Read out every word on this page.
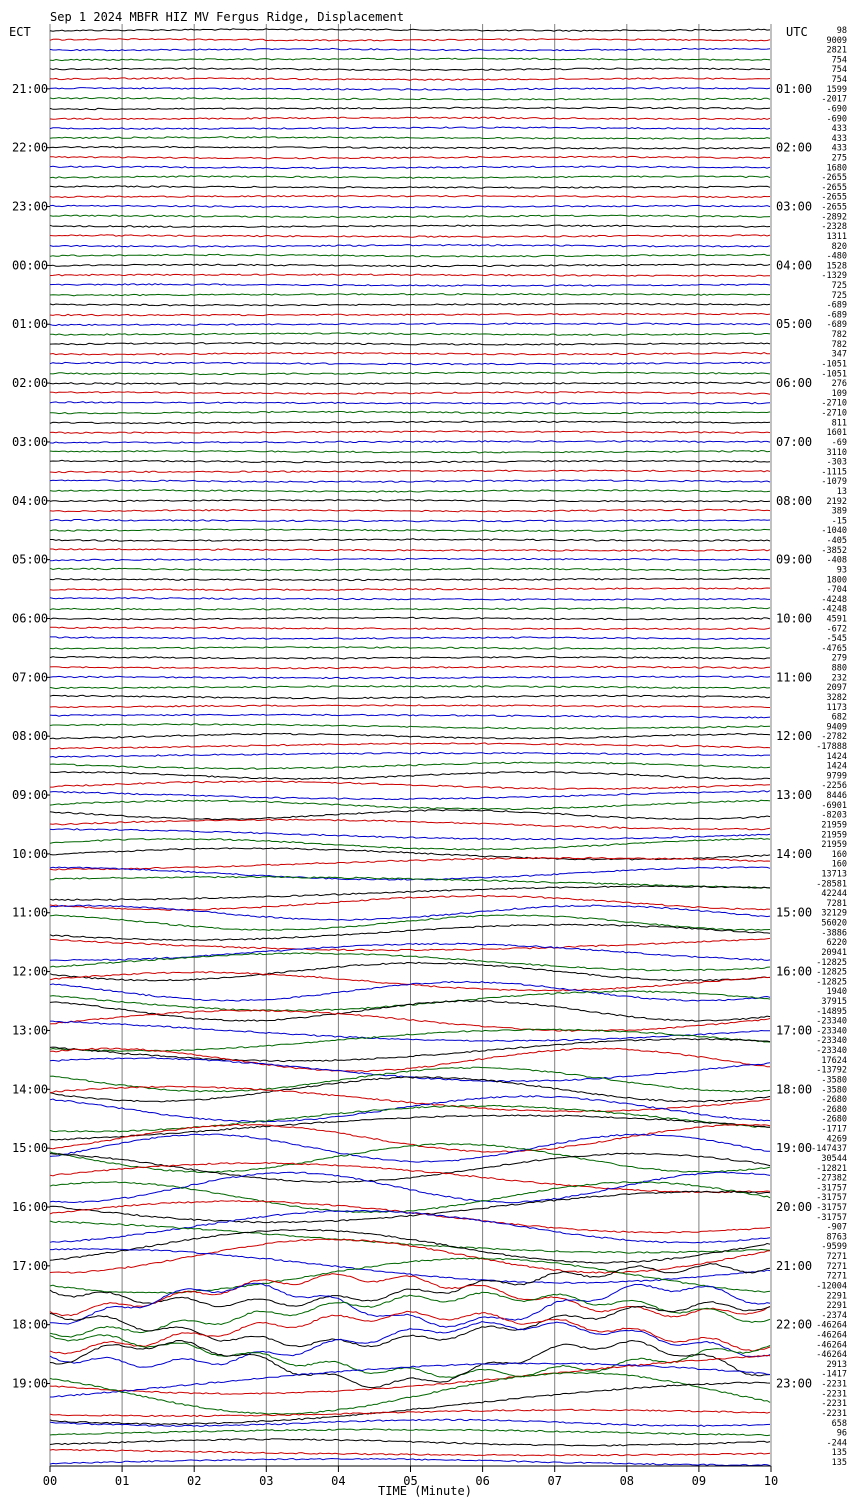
Sep 1 2024 MBFR HIZ MV Fergus Ridge, Displacement
ECT	UTC
21:00
22:00
23:00
00:00
01:00
02:00
03:00
04:00
05:00
06:00
07:00
08:00
09:00
10:00
11:00
12:00
13:00
14:00
15:00
16:00
17:00
18:00
19:00
01:00
02:00
03:00
04:00
05:00
06:00
07:00
08:00
09:00
10:00
11:00
12:00
13:00
14:00
15:00
16:00
17:00
18:00
19:00
20:00
21:00
22:00
23:00
98
9009
2821
754
754
754
1599
-2017
-690
-690
433
433
433
275
1680
-2655
-2655
-2655
-2655
-2892
-2328
1311
820
-480
1528
-1329
725
725
-689
-689
-689
782
782
347
-1051
-1051
276
109
-2710
-2710
811
1601
-69
3110
-303
-1115
-1079
13
2192
389
-15
-1040
-405
-3852
-408
93
1800
-704
-4248
-4248
4591
-672
-545
-4765
279
880
232
2097
3282
1173
682
9409
-2782
-17888
1424
1424
9799
-2256
8446
-6901
-8203
21959
21959
21959
160
160
13713
-28581
42244
7281
32129
56020
-3886
6220
20941
-12825
-12825
-12825
1940
37915
-14895
-23340
-23340
-23340
-23340
17624
-13792
-3580
-3580
-2680
-2680
-2680
-1717
4269
-147437
30544
-12821
-27382
-31757
-31757
-31757
-31757
-907
8763
-9599
7271
7271
7271
-12004
2291
2291
-2374
-46264
-46264
-46264
-46264
2913
-1417
-2231
-2231
-2231
-2231
658
96
-244
135
135
00	01	02	03	04	05	06	07	08	09	10
TIME (Minute)
